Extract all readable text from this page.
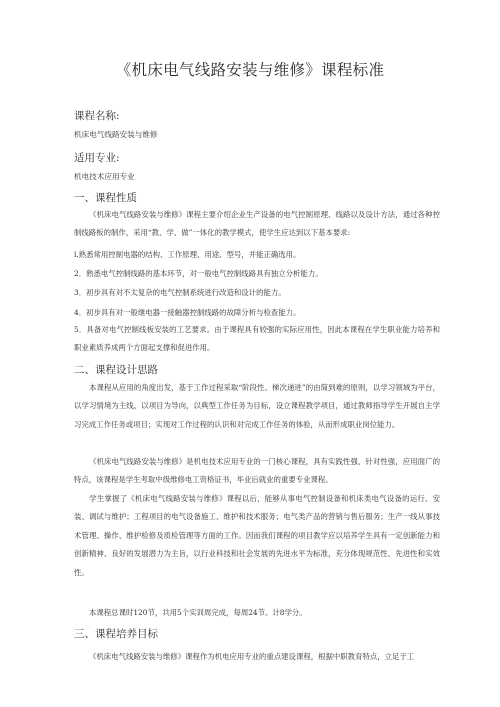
《机床电气线路安装与维修》课程标准
课程名称:
机床电气线路安装与维修
适用专业:
机电技术应用专业
一、课程性质

《机床电气线路安装与维修》课程主要介绍企业生产设备的电气控制原理、线路以及设计方法，通过各种控制线路板的制作，采用“教、学、做”一体化的教学模式，使学生应达到以下基本要求:

l.熟悉常用控制电器的结构、工作原理、用途、型号，并能正确选用。
2．熟悉电气控制线路的基本环节，对一般电气控制线路具有独立分析能力。
3．初步具有对不太复杂的电气控制系统进行改造和设计的能力。
4．初步具有对一般继电器一接触器控制线路的故障分析与检查能力。

5．具备对电气控制线板安装的工艺要求。由于课程具有较强的实际应用性，因此本课程在学生职业能力培养和职业素质养成两个方面起支撑和促进作用。

二、课程设计思路

本课程从应用的角度出发，基于工作过程采取“阶段性、梯次递进”的由简到难的原则，以学习领域为平台，以学习情境为主线，以项目为导向，以典型工作任务为目标，设立课程教学项目，通过教师指导学生开展自主学习完成工作任务或项目；实现对工作过程的认识和对完成工作任务的体验，从而形成职业岗位能力。

《机床电气线路安装与维修》是机电技术应用专业的一门核心课程，具有实践性强、针对性强，应用面广的特点，该课程是学生考取中级维修电工资格证书，毕业后就业的重要专业课程。

学生掌握了《机床电气线路安装与维修》课程以后，能够从事电气控制设备和机床类电气设备的运行、安装、调试与维护；工程项目的电气设备施工、维护和技术服务；电气类产品的营销与售后服务；生产一线从事技术管理、操作、维护检修及质检管理等方面的工作。因而我们课程的项目教学应以培养学生具有一定创新能力和创新精神、良好的发展潜力为主旨，以行业科技和社会发展的先进水平为标准，充分体现规范性、先进性和实效性。

本课程总课时120节，共用5个实训周完成，每周24节。计8学分。
三、课程培养目标
《机床电气线路安装与维修》课程作为机电应用专业的重点建设课程，根据中职教育特点，立足于工
